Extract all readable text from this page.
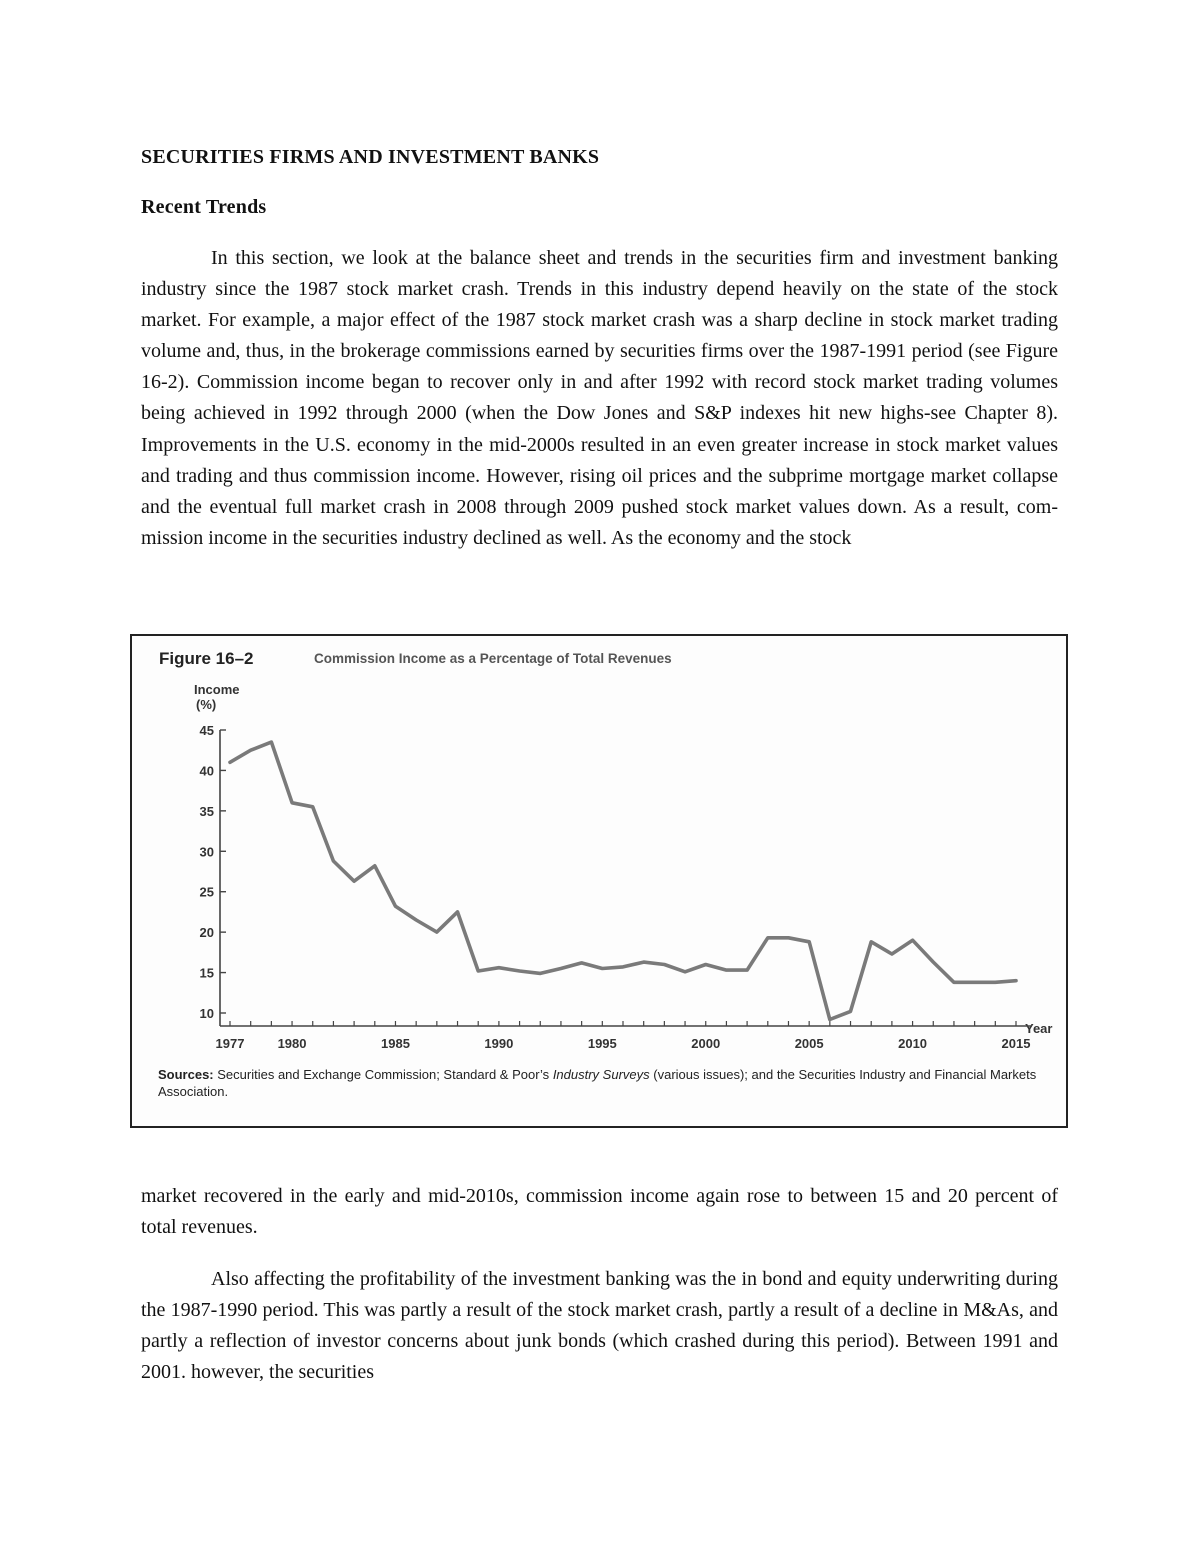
SECURITIES FIRMS AND INVESTMENT BANKS
Recent Trends

In this section, we look at the balance sheet and trends in the securities firm and investment banking industry since the 1987 stock market crash. Trends in this industry depend heavily on the state of the stock market. For example, a major effect of the 1987 stock market crash was a sharp decline in stock market trading volume and, thus, in the brokerage commissions earned by securities firms over the 1987-1991 period (see Figure 16-2). Commission income began to recover only in and after 1992 with record stock market trading volumes being achieved in 1992 through 2000 (when the Dow Jones and S&P indexes hit new highs-see Chapter 8). Improvements in the U.S. economy in the mid-2000s resulted in an even greater increase in stock market values and trading and thus commission income. However, rising oil prices and the subprime mortgage market collapse and the eventual full market crash in 2008 through 2009 pushed stock market values down. As a result, com- mission income in the securities industry declined as well. As the economy and the stock

Figure 16–2	Commission Income as a Percentage of Total Revenues
Income
(%)
Year
10
15
20
25
30
35
40
45
1977	1980	1985	1990	1995	2000	2005	2010	2015

Sources: Securities and Exchange Commission; Standard & Poor’s Industry Surveys (various issues); and the Securities Industry and Financial Markets Association.

market recovered in the early and mid-2010s, commission income again rose to between 15 and 20 percent of total revenues.

Also affecting the profitability of the investment banking was the in bond and equity underwriting during the 1987-1990 period. This was partly a result of the stock market crash, partly a result of a decline in M&As, and partly a reflection of investor concerns about junk bonds (which crashed during this period). Between 1991 and 2001. however, the securities
